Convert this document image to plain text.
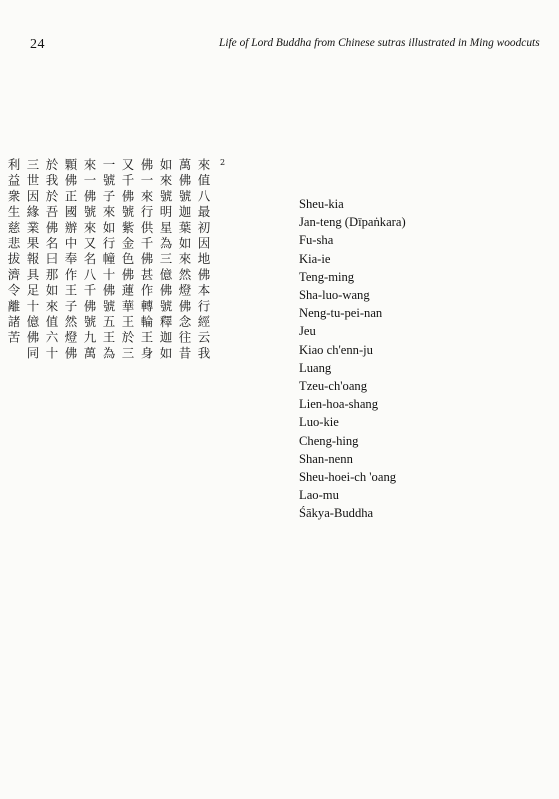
24	Life of Lord Buddha from Chinese sutras illustrated in Ming woodcuts
2
來值八最初因地佛本行經云我
萬佛號迦葉如來然燈佛念往昔
如來號明星為三億佛號釋迦如
佛一來行供千佛甚作轉輪王身
又千佛號紫金色佛蓮華王於三
一號子來如行幢十佛號五王為
來一佛號來又名八千佛號九萬
顆佛正國辦中奉作王子然燈佛
於我於吾佛名曰那如來值六十
三世因緣業果報具足十億佛同
利益衆生慈悲拔濟令離諸苦	Sheu-kia
Jan-teng (Dīpaṅkara)
Fu-sha
Kia-ie
Teng-ming
Sha-luo-wang
Neng-tu-pei-nan
Jeu
Kiao ch'enn-ju
Luang
Tzeu-ch'oang
Lien-hoa-shang
Luo-kie
Cheng-hing
Shan-nenn
Sheu-hoei-ch 'oang
Lao-mu
Śākya-Buddha
